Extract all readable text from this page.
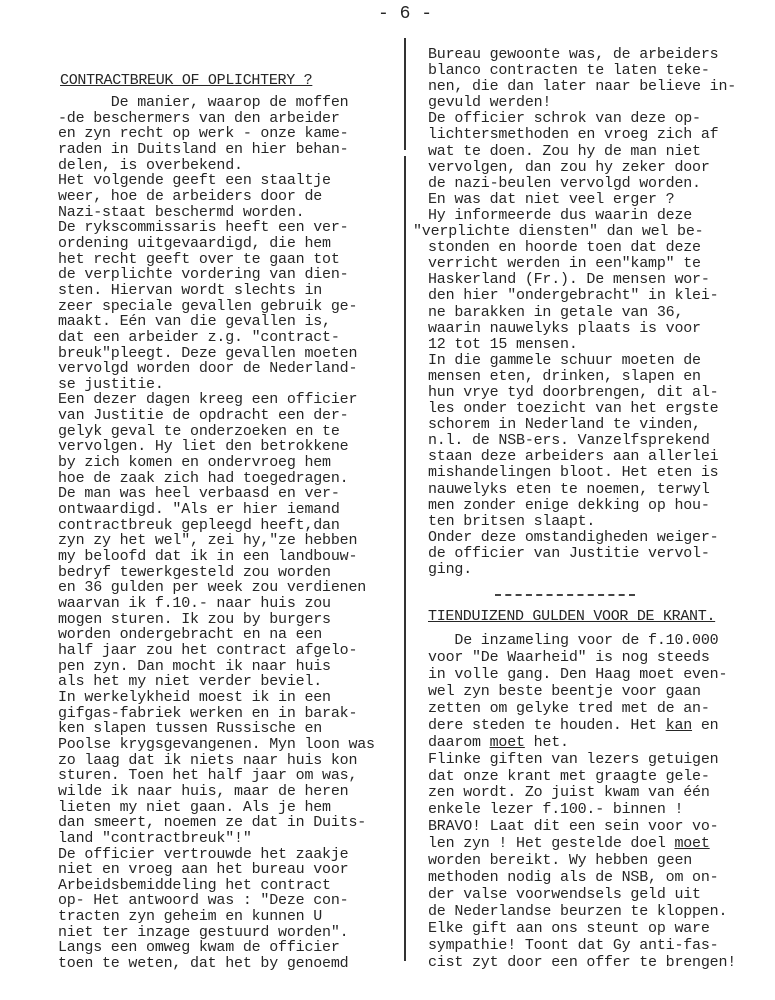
- 6 -
CONTRACTBREUK OF OPLICHTERY ?
De manier, waarop de moffen
-de beschermers van den arbeider
en zyn recht op werk - onze kame-
raden in Duitsland en hier behan-
delen, is overbekend.
Het volgende geeft een staaltje
weer, hoe de arbeiders door de
Nazi-staat beschermd worden.
De rykscommissaris heeft een ver-
ordening uitgevaardigd, die hem
het recht geeft over te gaan tot
de verplichte vordering van dien-
sten. Hiervan wordt slechts in
zeer speciale gevallen gebruik ge-
maakt. Eén van die gevallen is,
dat een arbeider z.g. "contract-
breuk"pleegt. Deze gevallen moeten
vervolgd worden door de Nederland-
se justitie.
Een dezer dagen kreeg een officier
van Justitie de opdracht een der-
gelyk geval te onderzoeken en te
vervolgen. Hy liet den betrokkene
by zich komen en ondervroeg hem
hoe de zaak zich had toegedragen.
De man was heel verbaasd en ver-
ontwaardigd. "Als er hier iemand
contractbreuk gepleegd heeft,dan
zyn zy het wel", zei hy,"ze hebben
my beloofd dat ik in een landbouw-
bedryf tewerkgesteld zou worden
en 36 gulden per week zou verdienen
waarvan ik f.10.- naar huis zou
mogen sturen. Ik zou by burgers
worden ondergebracht en na een
half jaar zou het contract afgelo-
pen zyn. Dan mocht ik naar huis
als het my niet verder beviel.
In werkelykheid moest ik in een
gifgas-fabriek werken en in barak-
ken slapen tussen Russische en
Poolse krygsgevangenen. Myn loon was
zo laag dat ik niets naar huis kon
sturen. Toen het half jaar om was,
wilde ik naar huis, maar de heren
lieten my niet gaan. Als je hem
dan smeert, noemen ze dat in Duits-
land "contractbreuk"!"
De officier vertrouwde het zaakje
niet en vroeg aan het bureau voor
Arbeidsbemiddeling het contract
op- Het antwoord was : "Deze con-
tracten zyn geheim en kunnen U
niet ter inzage gestuurd worden".
Langs een omweg kwam de officier
toen te weten, dat het by genoemd
Bureau gewoonte was, de arbeiders
blanco contracten te laten teke-
nen, die dan later naar believe in-
gevuld werden!
De officier schrok van deze op-
lichtersmethoden en vroeg zich af
wat te doen. Zou hy de man niet
vervolgen, dan zou hy zeker door
de nazi-beulen vervolgd worden.
En was dat niet veel erger ?
Hy informeerde dus waarin deze
"verplichte diensten" dan wel be-
stonden en hoorde toen dat deze
verricht werden in een"kamp" te
Haskerland (Fr.). De mensen wor-
den hier "ondergebracht" in klei-
ne barakken in getale van 36,
waarin nauwelyks plaats is voor
12 tot 15 mensen.
In die gammele schuur moeten de
mensen eten, drinken, slapen en
hun vrye tyd doorbrengen, dit al-
les onder toezicht van het ergste
schorem in Nederland te vinden,
n.l. de NSB-ers. Vanzelfsprekend
staan deze arbeiders aan allerlei
mishandelingen bloot. Het eten is
nauwelyks eten te noemen, terwyl
men zonder enige dekking op hou-
ten britsen slaapt.
Onder deze omstandigheden weiger-
de officier van Justitie vervol-
ging.
TIENDUIZEND GULDEN VOOR DE KRANT.
De inzameling voor de f.10.000
voor "De Waarheid" is nog steeds
in volle gang. Den Haag moet even-
wel zyn beste beentje voor gaan
zetten om gelyke tred met de an-
dere steden te houden. Het kan en
daarom moet het.
Flinke giften van lezers getuigen
dat onze krant met graagte gele-
zen wordt. Zo juist kwam van één
enkele lezer f.100.- binnen !
BRAVO! Laat dit een sein voor vo-
len zyn ! Het gestelde doel moet
worden bereikt. Wy hebben geen
methoden nodig als de NSB, om on-
der valse voorwendsels geld uit
de Nederlandse beurzen te kloppen.
Elke gift aan ons steunt op ware
sympathie! Toont dat Gy anti-fas-
cist zyt door een offer te brengen!
